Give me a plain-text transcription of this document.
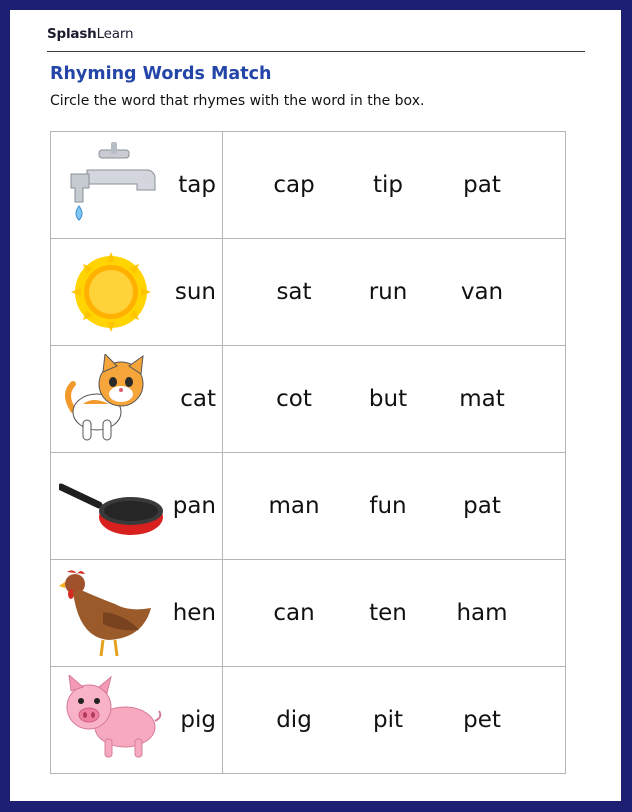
SplashLearn
Rhyming Words Match
Circle the word that rhymes with the word in the box.
tap	cap tip pat

sun	sat run van

cat	cot but mat

pan	man fun pat

hen	can ten ham

pig	dig pit pet
